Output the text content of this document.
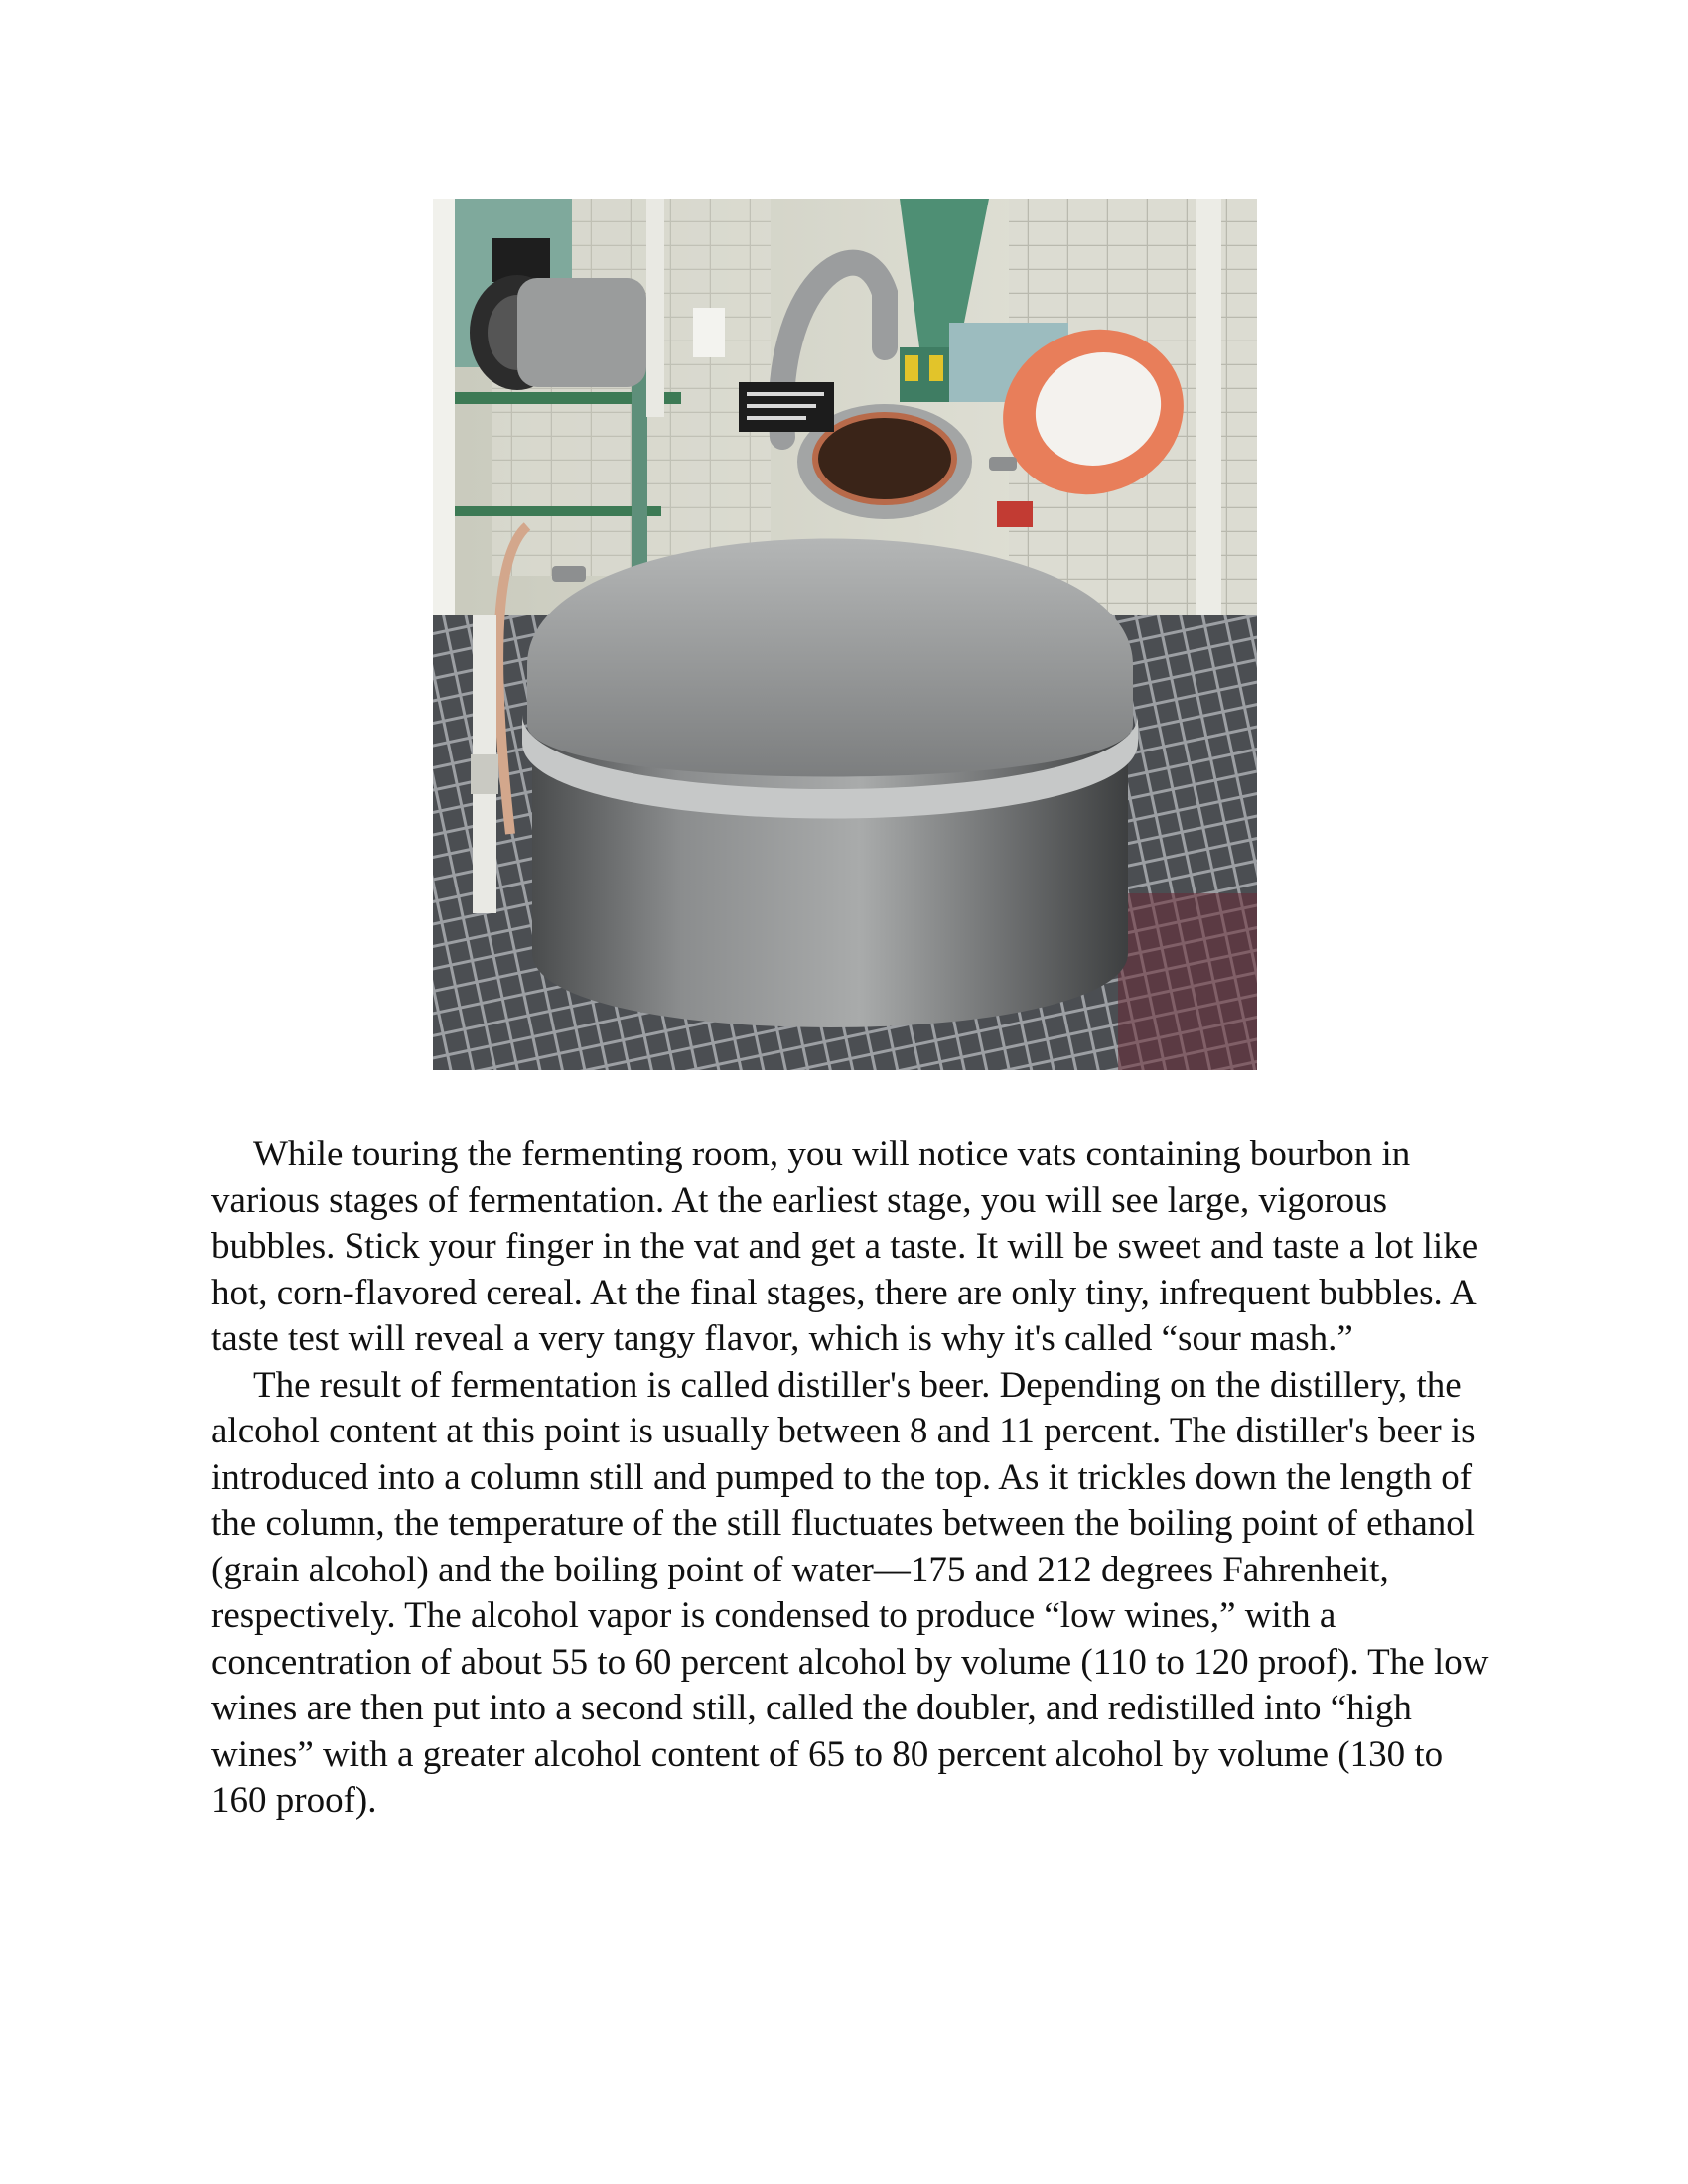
While touring the fermenting room, you will notice vats containing bourbon in various stages of fermentation. At the earliest stage, you will see large, vigorous bubbles. Stick your finger in the vat and get a taste. It will be sweet and taste a lot like hot, corn-flavored cereal. At the final stages, there are only tiny, infrequent bubbles. A taste test will reveal a very tangy flavor, which is why it's called “sour mash.”

The result of fermentation is called distiller's beer. Depending on the distillery, the alcohol content at this point is usually between 8 and 11 percent. The distiller's beer is introduced into a column still and pumped to the top. As it trickles down the length of the column, the temperature of the still fluctuates between the boiling point of ethanol (grain alcohol) and the boiling point of water—175 and 212 degrees Fahrenheit, respectively. The alcohol vapor is condensed to produce “low wines,” with a concentration of about 55 to 60 percent alcohol by volume (110 to 120 proof). The low wines are then put into a second still, called the doubler, and redistilled into “high wines” with a greater alcohol content of 65 to 80 percent alcohol by volume (130 to 160 proof).
